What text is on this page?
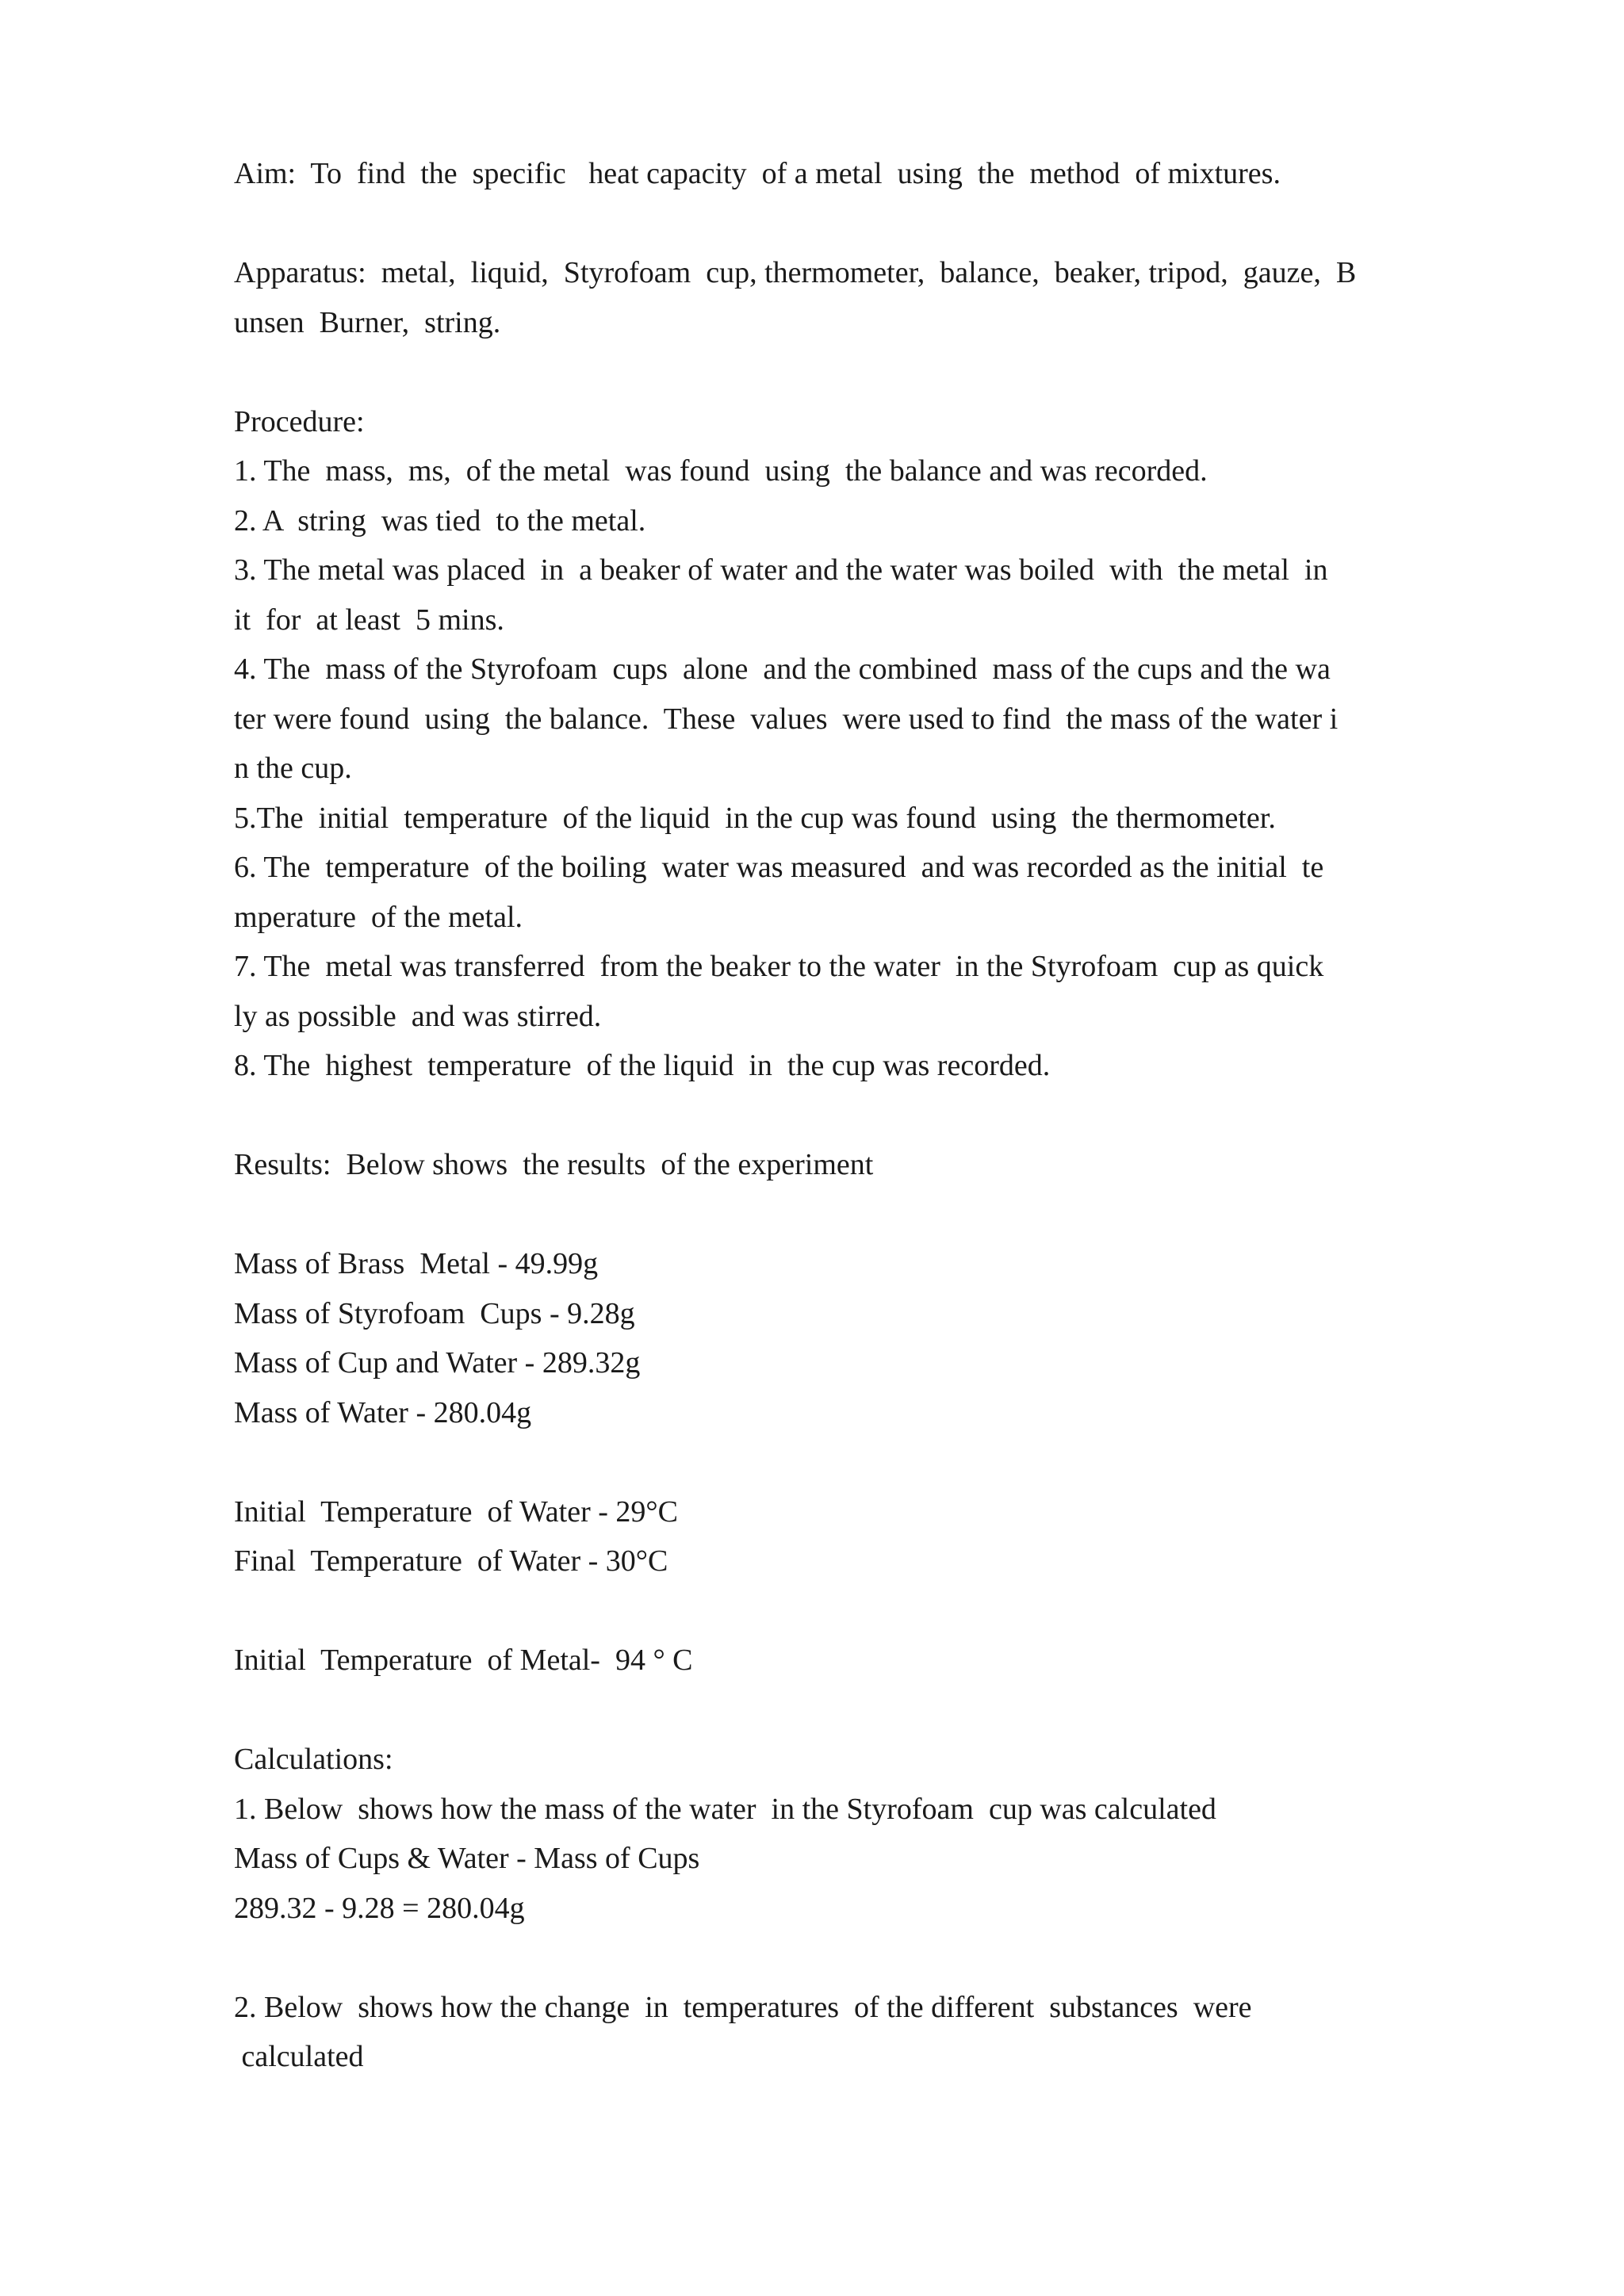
Aim:  To  find  the  specific   heat capacity  of a metal  using  the  method  of mixtures.
Apparatus:  metal,  liquid,  Styrofoam  cup, thermometer,  balance,  beaker, tripod,  gauze,  B
unsen  Burner,  string.
Procedure:
1. The  mass,  ms,  of the metal  was found  using  the balance and was recorded.
2. A  string  was tied  to the metal.
3. The metal was placed  in  a beaker of water and the water was boiled  with  the metal  in
it  for  at least  5 mins.
4. The  mass of the Styrofoam  cups  alone  and the combined  mass of the cups and the wa
ter were found  using  the balance.  These  values  were used to find  the mass of the water i
n the cup.
5.The  initial  temperature  of the liquid  in the cup was found  using  the thermometer.
6. The  temperature  of the boiling  water was measured  and was recorded as the initial  te
mperature  of the metal.
7. The  metal was transferred  from the beaker to the water  in the Styrofoam  cup as quick
ly as possible  and was stirred.
8. The  highest  temperature  of the liquid  in  the cup was recorded.
Results:  Below shows  the results  of the experiment
Mass of Brass  Metal - 49.99g
Mass of Styrofoam  Cups - 9.28g
Mass of Cup and Water - 289.32g
Mass of Water - 280.04g
Initial  Temperature  of Water - 29°C
Final  Temperature  of Water - 30°C
Initial  Temperature  of Metal-  94 ° C
Calculations:
1. Below  shows how the mass of the water  in the Styrofoam  cup was calculated
Mass of Cups & Water - Mass of Cups
289.32 - 9.28 = 280.04g
2. Below  shows how the change  in  temperatures  of the different  substances  were
calculated
